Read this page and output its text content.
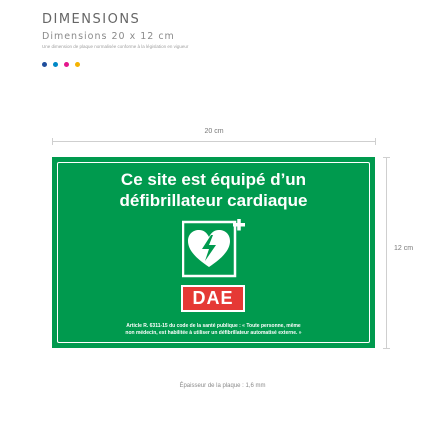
DIMENSIONS
Dimensions 20 x 12 cm
Une dimension de plaque normalisée conforme à la législation en vigueur
20 cm
Ce site est équipé d’un
défibrillateur cardiaque
DAE
Article R. 6311-15 du code de la santé publique : « Toute personne, même
non médecin, est habilitée à utiliser un défibrillateur automatisé externe. »
12 cm
Épaisseur de la plaque : 1,6 mm
